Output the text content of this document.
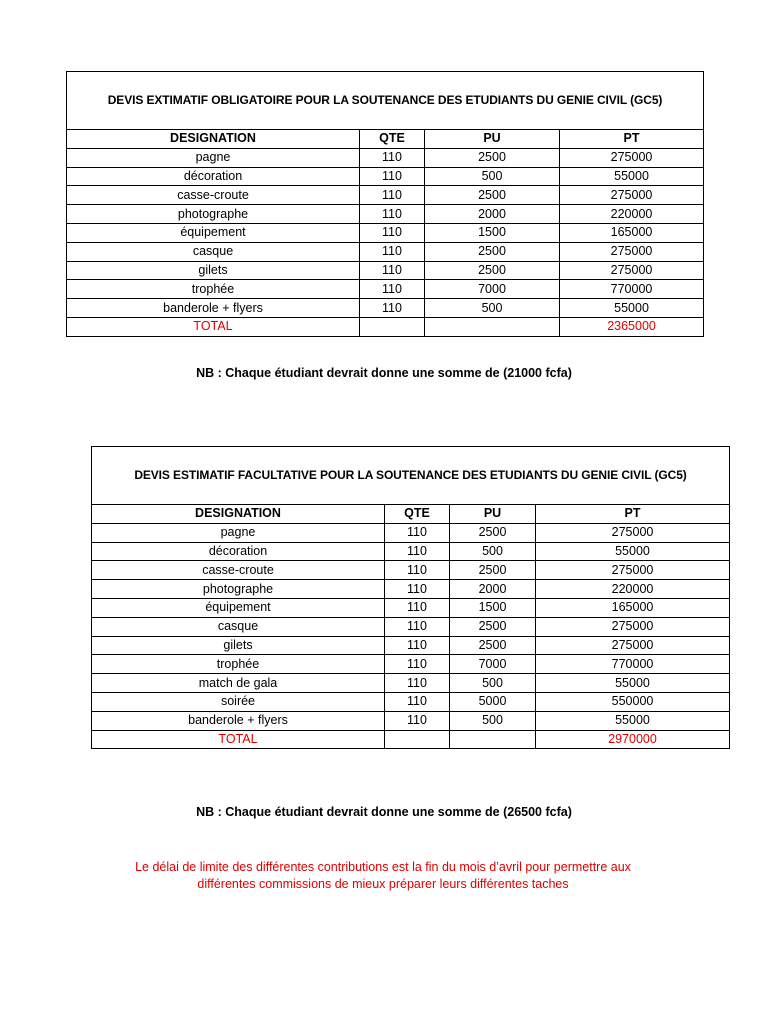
DEVIS EXTIMATIF OBLIGATOIRE POUR LA SOUTENANCE DES ETUDIANTS DU GENIE CIVIL (GC5)			
DESIGNATION	QTE	PU	PT
pagne	110	2500	275000
décoration	110	500	55000
casse-croute	110	2500	275000
photographe	110	2000	220000
équipement	110	1500	165000
casque	110	2500	275000
gilets	110	2500	275000
trophée	110	7000	770000
banderole + flyers	110	500	55000
TOTAL			2365000
NB : Chaque étudiant devrait donne une somme de (21000 fcfa)
DEVIS ESTIMATIF FACULTATIVE POUR LA SOUTENANCE DES ETUDIANTS DU GENIE CIVIL (GC5)			
DESIGNATION	QTE	PU	PT
pagne	110	2500	275000
décoration	110	500	55000
casse-croute	110	2500	275000
photographe	110	2000	220000
équipement	110	1500	165000
casque	110	2500	275000
gilets	110	2500	275000
trophée	110	7000	770000
match de gala	110	500	55000
soirée	110	5000	550000
banderole + flyers	110	500	55000
TOTAL			2970000
NB : Chaque étudiant devrait donne une somme de (26500 fcfa)
Le délai de limite des différentes contributions est la fin du mois d’avril pour permettre aux
différentes commissions de mieux préparer leurs différentes taches
